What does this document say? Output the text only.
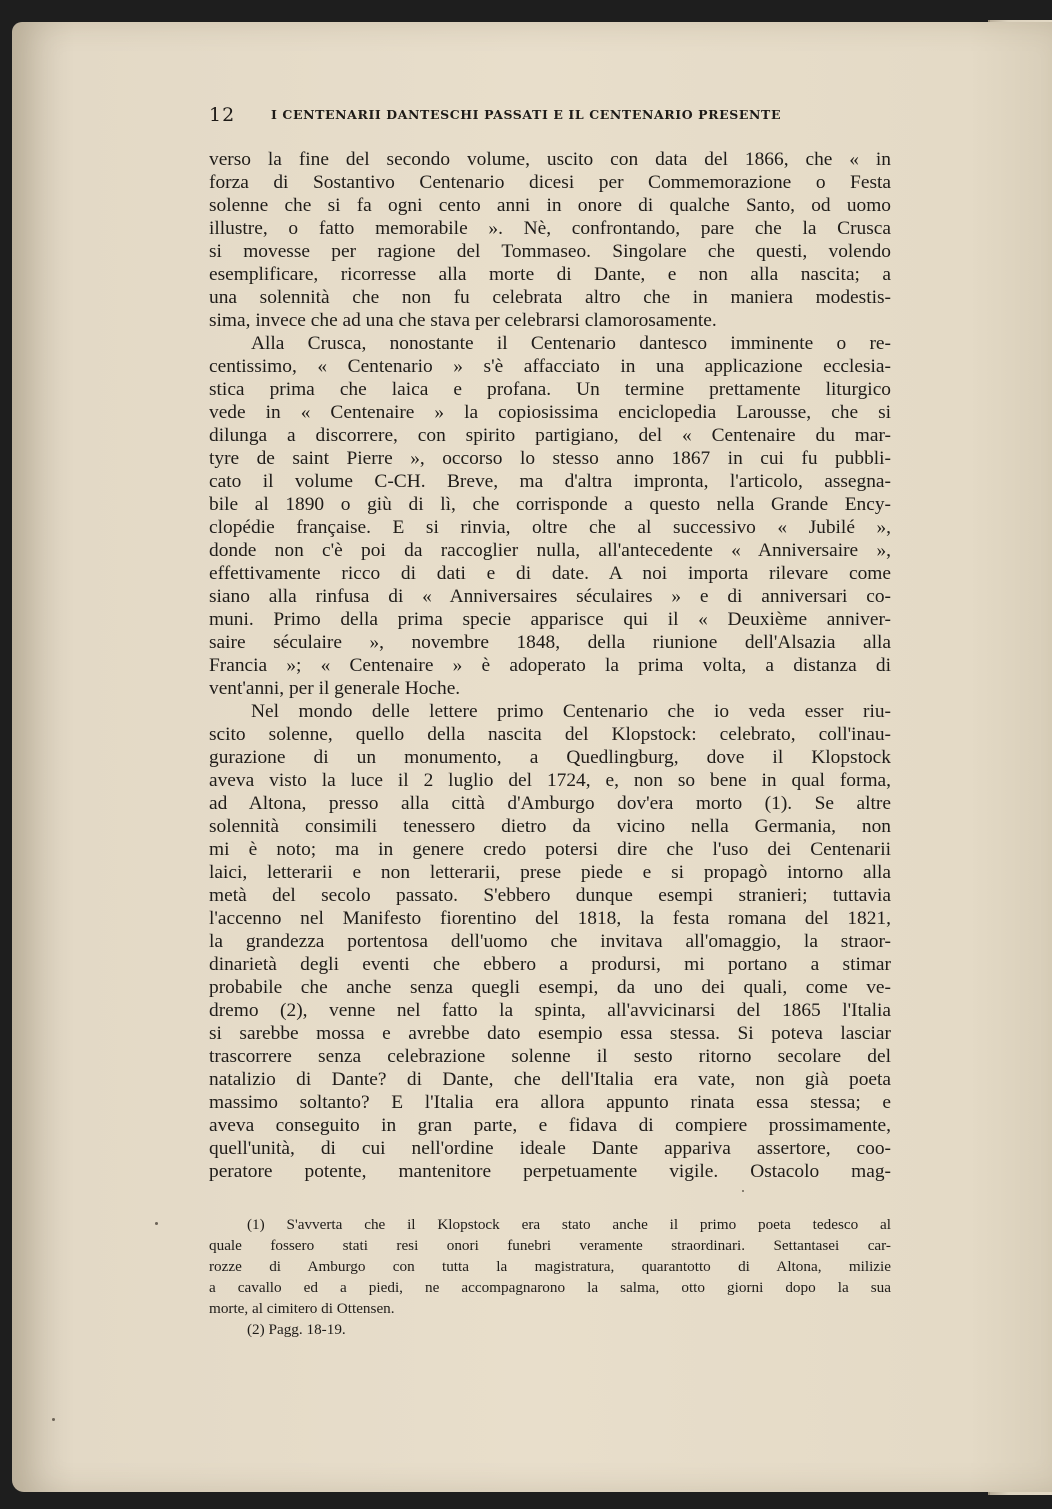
12	I CENTENARII DANTESCHI PASSATI E IL CENTENARIO PRESENTE
verso la fine del secondo volume, uscito con data del 1866, che « in
forza di Sostantivo Centenario dicesi per Commemorazione o Festa
solenne che si fa ogni cento anni in onore di qualche Santo, od uomo
illustre, o fatto memorabile ». Nè, confrontando, pare che la Crusca
si movesse per ragione del Tommaseo. Singolare che questi, volendo
esemplificare, ricorresse alla morte di Dante, e non alla nascita; a
una solennità che non fu celebrata altro che in maniera modestis-
sima, invece che ad una che stava per celebrarsi clamorosamente.
Alla Crusca, nonostante il Centenario dantesco imminente o re-
centissimo, « Centenario » s'è affacciato in una applicazione ecclesia-
stica prima che laica e profana. Un termine prettamente liturgico
vede in « Centenaire » la copiosissima enciclopedia Larousse, che si
dilunga a discorrere, con spirito partigiano, del « Centenaire du mar-
tyre de saint Pierre », occorso lo stesso anno 1867 in cui fu pubbli-
cato il volume C-CH. Breve, ma d'altra impronta, l'articolo, assegna-
bile al 1890 o giù di lì, che corrisponde a questo nella Grande Ency-
clopédie française. E si rinvia, oltre che al successivo « Jubilé »,
donde non c'è poi da raccoglier nulla, all'antecedente « Anniversaire »,
effettivamente ricco di dati e di date. A noi importa rilevare come
siano alla rinfusa di « Anniversaires séculaires » e di anniversari co-
muni. Primo della prima specie apparisce qui il « Deuxième anniver-
saire séculaire », novembre 1848, della riunione dell'Alsazia alla
Francia »; « Centenaire » è adoperato la prima volta, a distanza di
vent'anni, per il generale Hoche.
Nel mondo delle lettere primo Centenario che io veda esser riu-
scito solenne, quello della nascita del Klopstock: celebrato, coll'inau-
gurazione di un monumento, a Quedlingburg, dove il Klopstock
aveva visto la luce il 2 luglio del 1724, e, non so bene in qual forma,
ad Altona, presso alla città d'Amburgo dov'era morto (1). Se altre
solennità consimili tenessero dietro da vicino nella Germania, non
mi è noto; ma in genere credo potersi dire che l'uso dei Centenarii
laici, letterarii e non letterarii, prese piede e si propagò intorno alla
metà del secolo passato. S'ebbero dunque esempi stranieri; tuttavia
l'accenno nel Manifesto fiorentino del 1818, la festa romana del 1821,
la grandezza portentosa dell'uomo che invitava all'omaggio, la straor-
dinarietà degli eventi che ebbero a prodursi, mi portano a stimar
probabile che anche senza quegli esempi, da uno dei quali, come ve-
dremo (2), venne nel fatto la spinta, all'avvicinarsi del 1865 l'Italia
si sarebbe mossa e avrebbe dato esempio essa stessa. Si poteva lasciar
trascorrere senza celebrazione solenne il sesto ritorno secolare del
natalizio di Dante? di Dante, che dell'Italia era vate, non già poeta
massimo soltanto? E l'Italia era allora appunto rinata essa stessa; e
aveva conseguito in gran parte, e fidava di compiere prossimamente,
quell'unità, di cui nell'ordine ideale Dante appariva assertore, coo-
peratore potente, mantenitore perpetuamente vigile. Ostacolo mag-
(1) S'avverta che il Klopstock era stato anche il primo poeta tedesco al
quale fossero stati resi onori funebri veramente straordinari. Settantasei car-
rozze di Amburgo con tutta la magistratura, quarantotto di Altona, milizie
a cavallo ed a piedi, ne accompagnarono la salma, otto giorni dopo la sua
morte, al cimitero di Ottensen.
(2) Pagg. 18-19.
